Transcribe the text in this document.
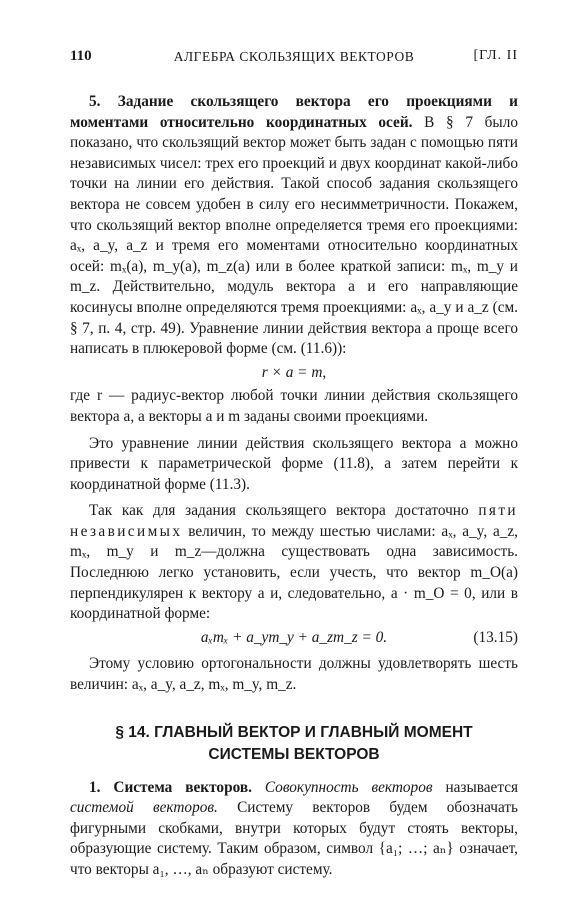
110	АЛГЕБРА СКОЛЬЗЯЩИХ ВЕКТОРОВ	[ГЛ. II

5. Задание скользящего вектора его проекциями и моментами относительно координатных осей. В § 7 было показано, что скользящий вектор может быть задан с помощью пяти независимых чисел: трех его проекций и двух координат какой-либо точки на линии его действия. Такой способ задания скользящего вектора не совсем удобен в силу его несимметричности. Покажем, что скользящий вектор вполне определяется тремя его проекциями: aₓ, a_y, a_z и тремя его моментами относительно координатных осей: mₓ(a), m_y(a), m_z(a) или в более краткой записи: mₓ, m_y и m_z. Действительно, модуль вектора a и его направляющие косинусы вполне определяются тремя проекциями: aₓ, a_y и a_z (см. § 7, п. 4, стр. 49). Уравнение линии действия вектора a проще всего написать в плюкеровой форме (см. (11.6)):

r × a = m,

где r — радиус-вектор любой точки линии действия скользящего вектора a, а векторы a и m заданы своими проекциями.

Это уравнение линии действия скользящего вектора a можно привести к параметрической форме (11.8), а затем перейти к координатной форме (11.3).

Так как для задания скользящего вектора достаточно пяти независимых величин, то между шестью числами: aₓ, a_y, a_z, mₓ, m_y и m_z—должна существовать одна зависимость. Последнюю легко установить, если учесть, что вектор m_O(a) перпендикулярен к вектору a и, следовательно, a · m_O = 0, или в координатной форме:

aₓmₓ + a_ym_y + a_zm_z = 0.	(13.15)

Этому условию ортогональности должны удовлетворять шесть величин: aₓ, a_y, a_z, mₓ, m_y, m_z.

§ 14. ГЛАВНЫЙ ВЕКТОР И ГЛАВНЫЙ МОМЕНТ
СИСТЕМЫ ВЕКТОРОВ

1. Система векторов. Совокупность векторов называется системой векторов. Систему векторов будем обозначать фигурными скобками, внутри которых будут стоять векторы, образующие систему. Таким образом, символ {a₁; …; aₙ} означает, что векторы a₁, …, aₙ образуют систему.
